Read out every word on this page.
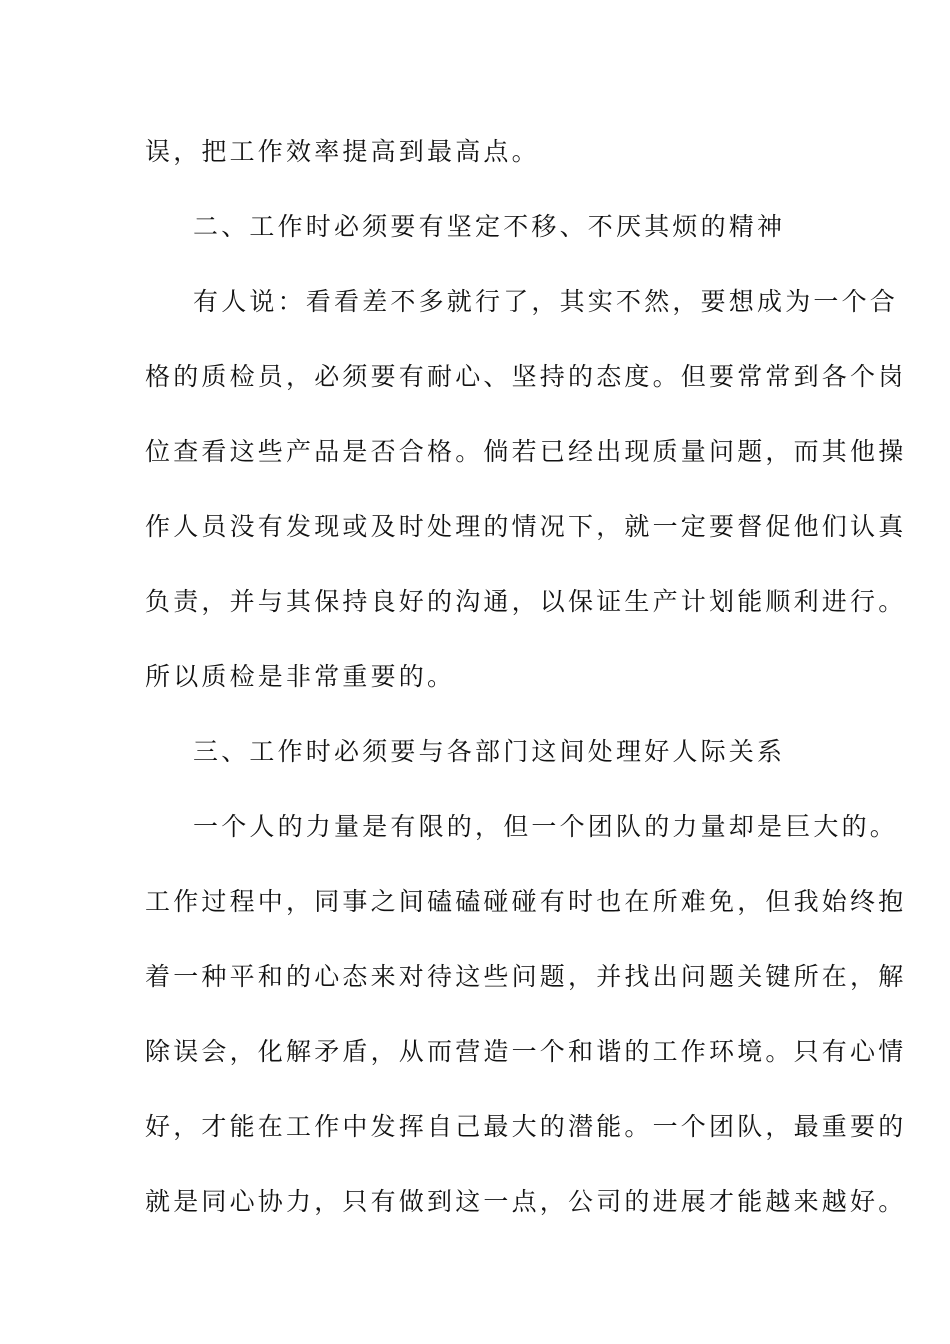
误，把工作效率提高到最高点。
二、工作时必须要有坚定不移、不厌其烦的精神
有人说：看看差不多就行了，其实不然，要想成为一个合
格的质检员，必须要有耐心、坚持的态度。但要常常到各个岗
位查看这些产品是否合格。倘若已经出现质量问题，而其他操
作人员没有发现或及时处理的情况下，就一定要督促他们认真
负责，并与其保持良好的沟通，以保证生产计划能顺利进行。
所以质检是非常重要的。
三、工作时必须要与各部门这间处理好人际关系
一个人的力量是有限的，但一个团队的力量却是巨大的。
工作过程中，同事之间磕磕碰碰有时也在所难免，但我始终抱
着一种平和的心态来对待这些问题，并找出问题关键所在，解
除误会，化解矛盾，从而营造一个和谐的工作环境。只有心情
好，才能在工作中发挥自己最大的潜能。一个团队，最重要的
就是同心协力，只有做到这一点，公司的进展才能越来越好。
